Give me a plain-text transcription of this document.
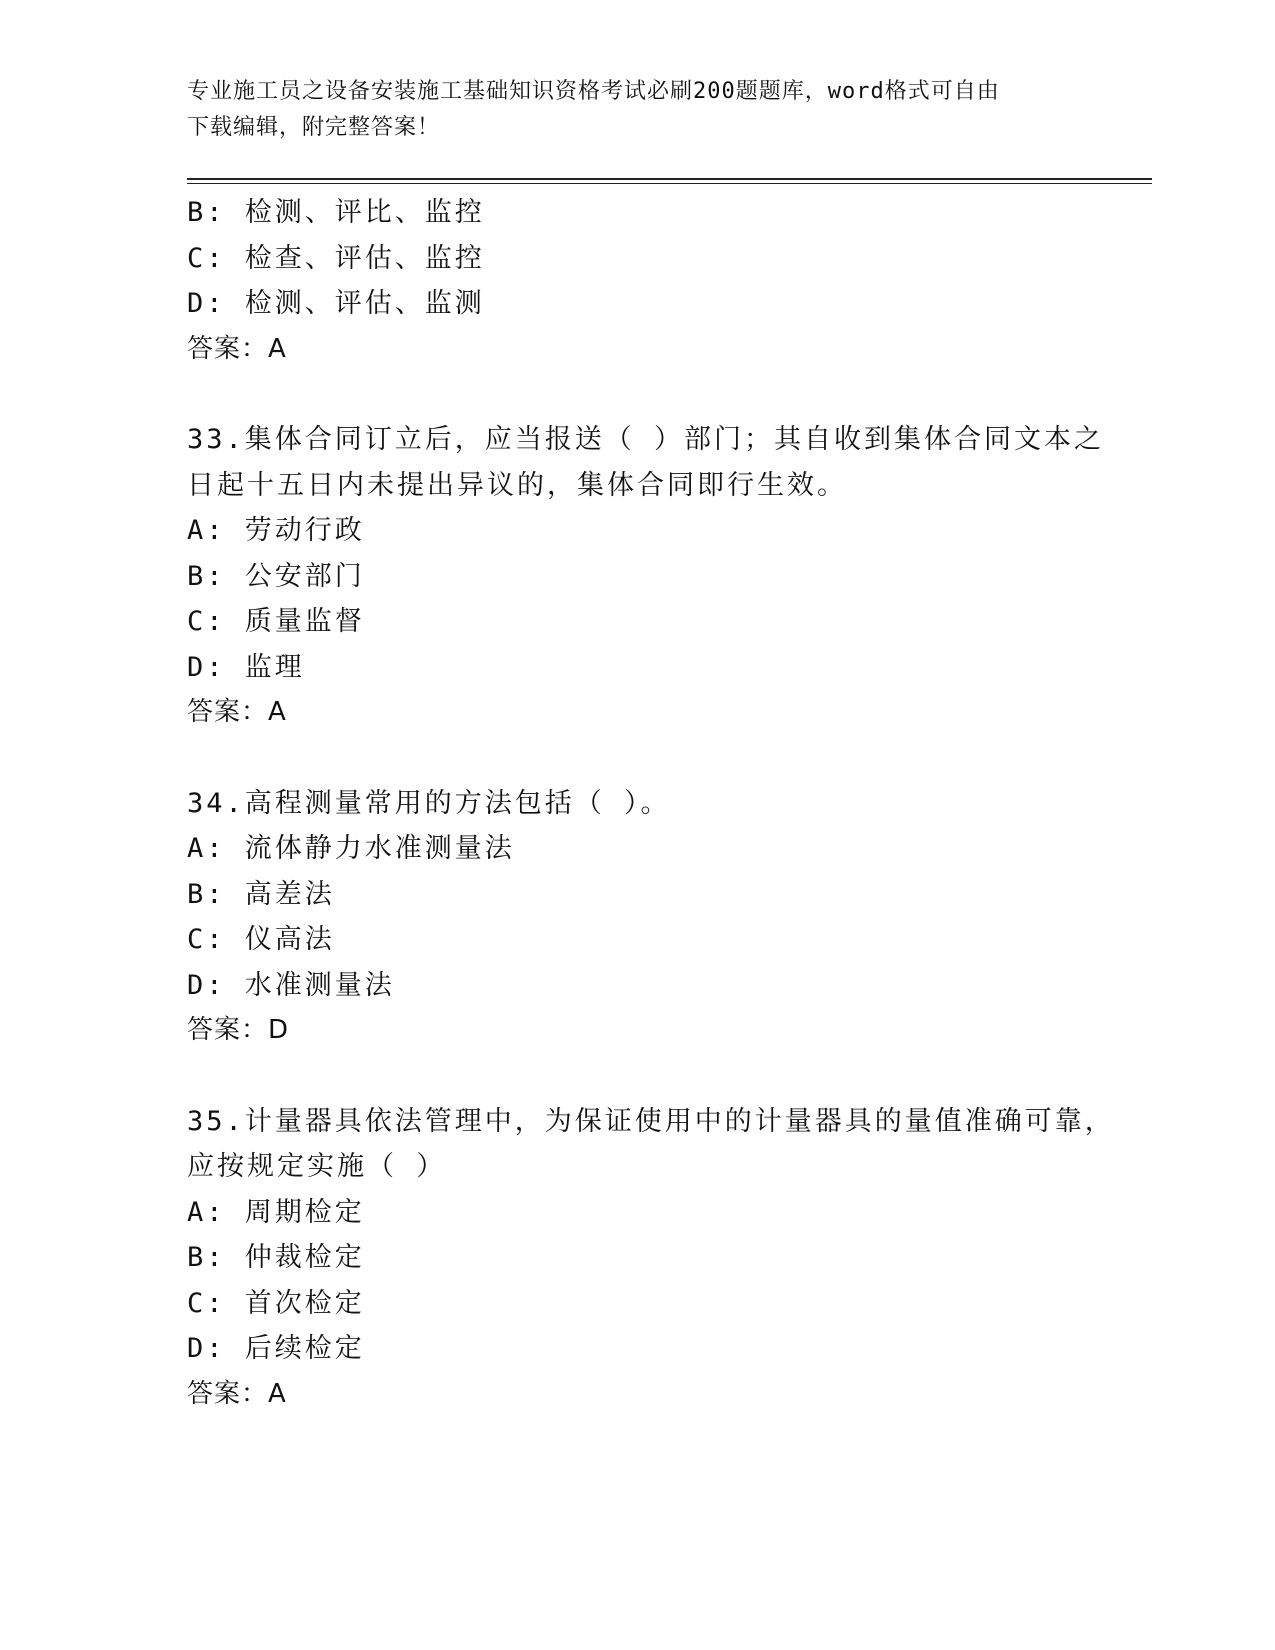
专业施工员之设备安装施工基础知识资格考试必刷200题题库，word格式可自由
下载编辑，附完整答案！
B: 检测、评比、监控
C: 检查、评估、监控
D: 检测、评估、监测
答案：A
33.集体合同订立后，应当报送（ ）部门；其自收到集体合同文本之
日起十五日内未提出异议的，集体合同即行生效。
A: 劳动行政
B: 公安部门
C: 质量监督
D: 监理
答案：A
34.高程测量常用的方法包括（ ）。
A: 流体静力水准测量法
B: 高差法
C: 仪高法
D: 水准测量法
答案：D
35.计量器具依法管理中，为保证使用中的计量器具的量值准确可靠，
应按规定实施（ ）
A: 周期检定
B: 仲裁检定
C: 首次检定
D: 后续检定
答案：A
